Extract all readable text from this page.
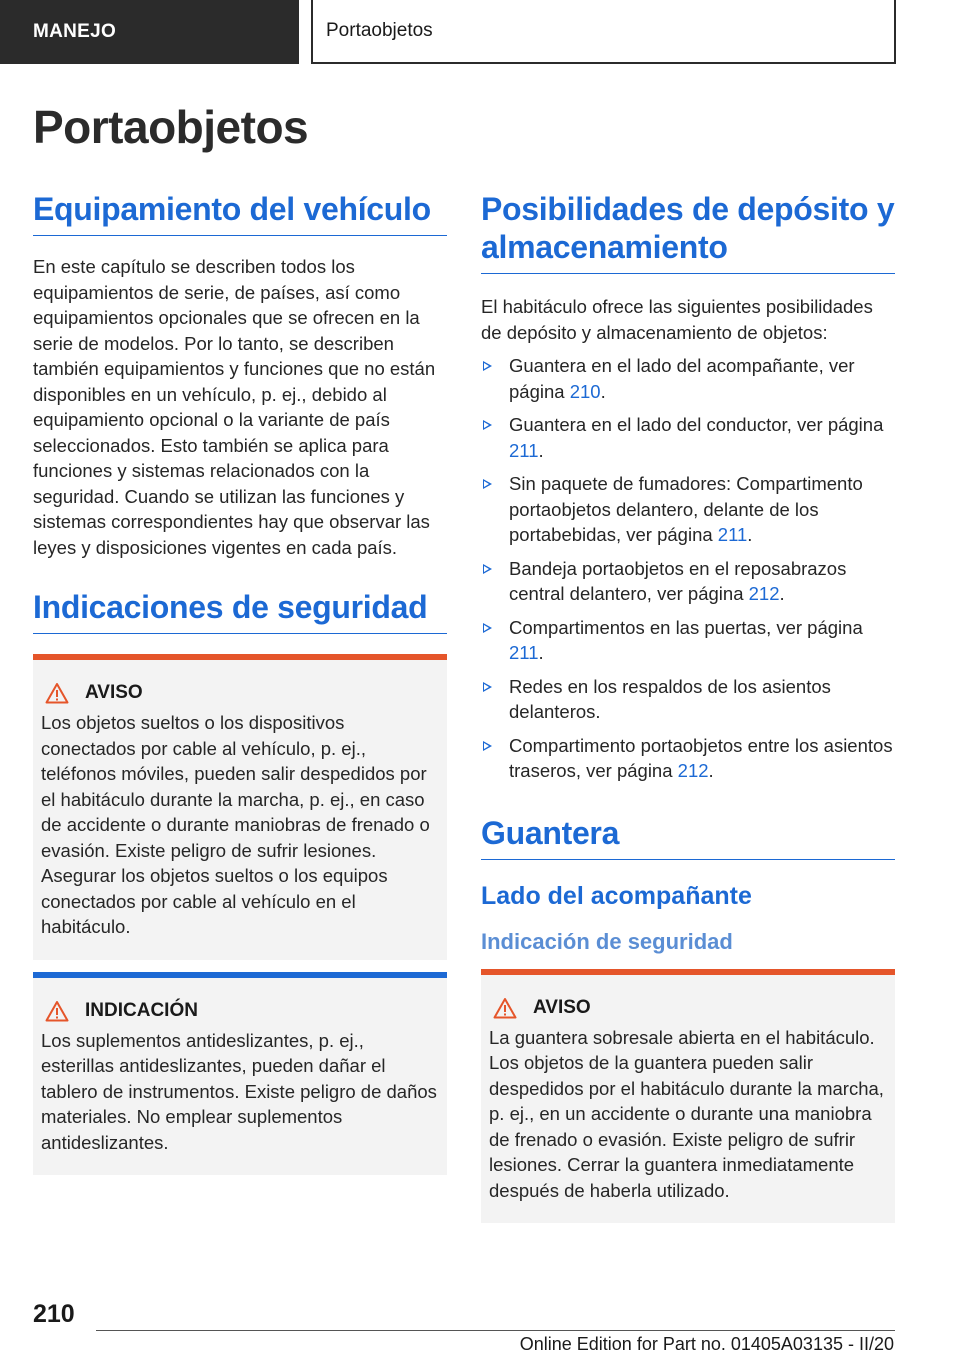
MANEJO	Portaobjetos
Portaobjetos
Equipamiento del vehículo

En este capítulo se describen todos los equipamientos de serie, de países, así como equipamientos opcionales que se ofrecen en la serie de modelos. Por lo tanto, se describen también equipamientos y funciones que no están disponibles en un vehículo, p. ej., debido al equipamiento opcional o la variante de país seleccionados. Esto también se aplica para funciones y sistemas relacionados con la seguridad. Cuando se utilizan las funciones y sistemas correspondientes hay que observar las leyes y disposiciones vigentes en cada país.

Indicaciones de seguridad
AVISO

Los objetos sueltos o los dispositivos conectados por cable al vehículo, p. ej., teléfonos móviles, pueden salir despedidos por el habitáculo durante la marcha, p. ej., en caso de accidente o durante maniobras de frenado o evasión. Existe peligro de sufrir lesiones. Asegurar los objetos sueltos o los equipos conectados por cable al vehículo en el habitáculo.

INDICACIÓN

Los suplementos antideslizantes, p. ej., esterillas antideslizantes, pueden dañar el tablero de instrumentos. Existe peligro de daños materiales. No emplear suplementos antideslizantes.

Posibilidades de depósito y almacenamiento

El habitáculo ofrece las siguientes posibilidades de depósito y almacenamiento de objetos:

Guantera en el lado del acompañante, ver página 210.
Guantera en el lado del conductor, ver página 211.
Sin paquete de fumadores: Compartimento portaobjetos delantero, delante de los portabebidas, ver página 211.
Bandeja portaobjetos en el reposabrazos central delantero, ver página 212.
Compartimentos en las puertas, ver página 211.
Redes en los respaldos de los asientos delanteros.
Compartimento portaobjetos entre los asientos traseros, ver página 212.
Guantera
Lado del acompañante
Indicación de seguridad
AVISO

La guantera sobresale abierta en el habitáculo. Los objetos de la guantera pueden salir despedidos por el habitáculo durante la marcha, p. ej., en un accidente o durante una maniobra de frenado o evasión. Existe peligro de sufrir lesiones. Cerrar la guantera inmediatamente después de haberla utilizado.

210
Online Edition for Part no. 01405A03135 - II/20
